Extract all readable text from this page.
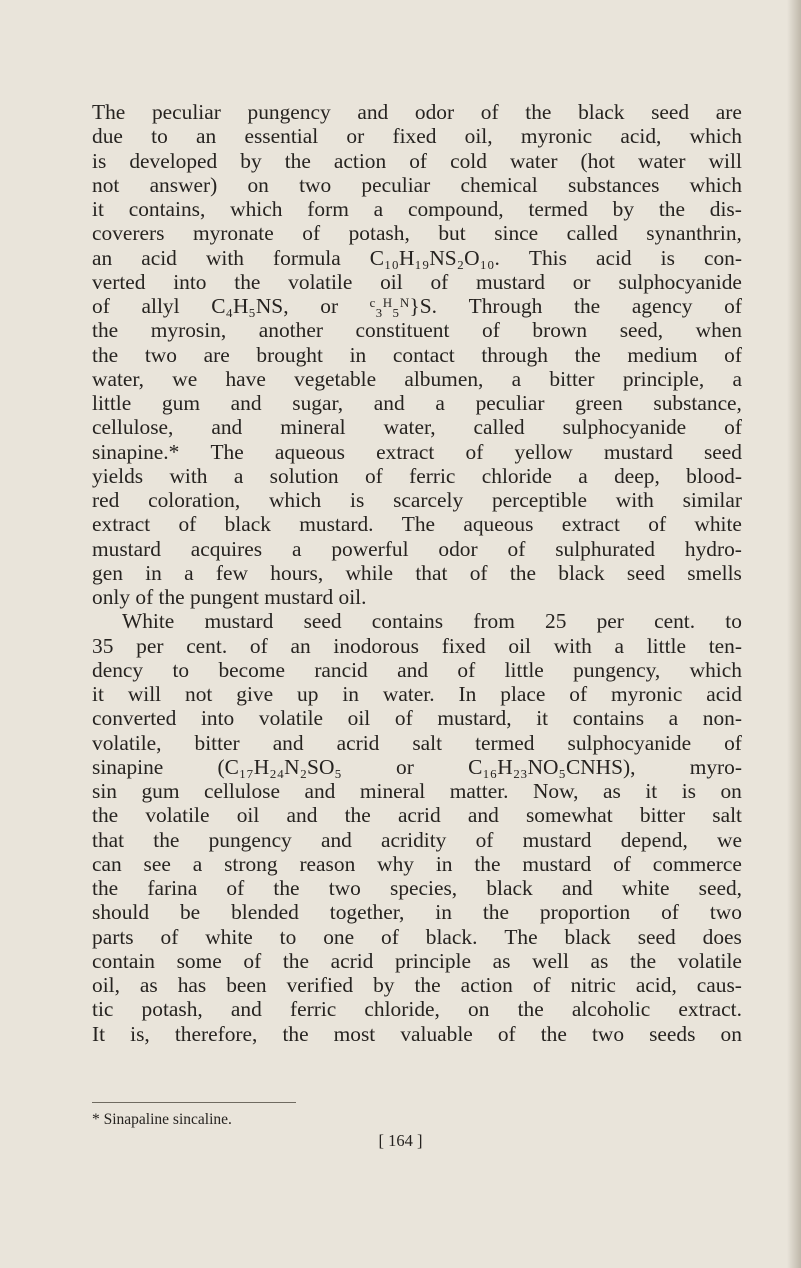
The peculiar pungency and odor of the black seed are
due to an essential or fixed oil, myronic acid, which
is developed by the action of cold water (hot water will
not answer) on two peculiar chemical substances which
it contains, which form a compound, termed by the dis-
coverers myronate of potash, but since called synanthrin,
an acid with formula C₁₀H₁₉NS₂O₁₀. This acid is con-
verted into the volatile oil of mustard or sulphocyanide
of allyl C₄H₅NS, or ᶜ₃ᴴ₅ᴺ}S. Through the agency of
the myrosin, another constituent of brown seed, when
the two are brought in contact through the medium of
water, we have vegetable albumen, a bitter principle, a
little gum and sugar, and a peculiar green substance,
cellulose, and mineral water, called sulphocyanide of
sinapine.* The aqueous extract of yellow mustard seed
yields with a solution of ferric chloride a deep, blood-
red coloration, which is scarcely perceptible with similar
extract of black mustard. The aqueous extract of white
mustard acquires a powerful odor of sulphurated hydro-
gen in a few hours, while that of the black seed smells
only of the pungent mustard oil.
White mustard seed contains from 25 per cent. to
35 per cent. of an inodorous fixed oil with a little ten-
dency to become rancid and of little pungency, which
it will not give up in water. In place of myronic acid
converted into volatile oil of mustard, it contains a non-
volatile, bitter and acrid salt termed sulphocyanide of
sinapine	(C₁₇H₂₄N₂SO₅	or	C₁₆H₂₃NO₅CNHS),	myro-
sin gum cellulose and mineral matter. Now, as it is on
the volatile oil and the acrid and somewhat bitter salt
that the pungency and acridity of mustard depend, we
can see a strong reason why in the mustard of commerce
the farina of the two species, black and white seed,
should be blended together, in the proportion of two
parts of white to one of black. The black seed does
contain some of the acrid principle as well as the volatile
oil, as has been verified by the action of nitric acid, caus-
tic potash, and ferric chloride, on the alcoholic extract.
It is, therefore, the most valuable of the two seeds on
* Sinapaline sincaline.
[ 164 ]
